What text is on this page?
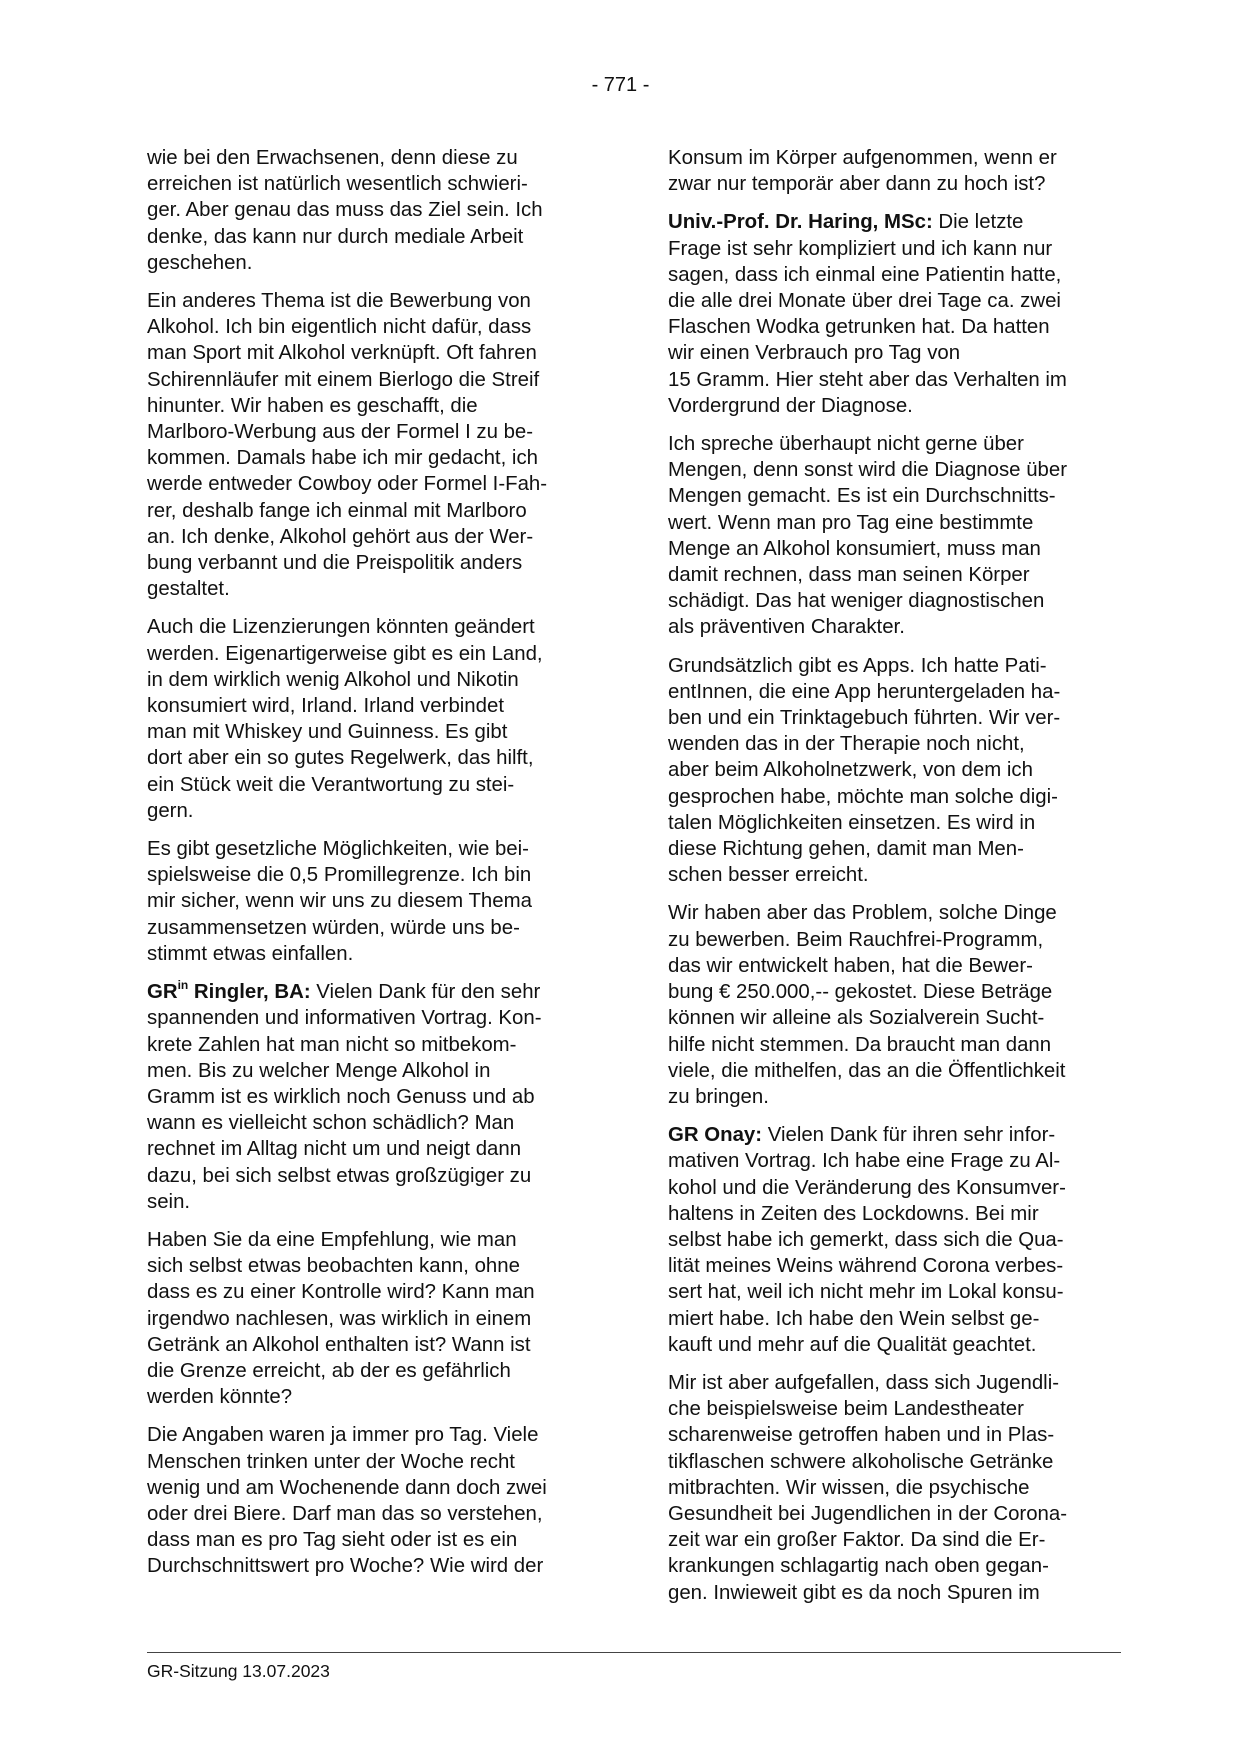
- 771 -

wie bei den Erwachsenen, denn diese zu
erreichen ist natürlich wesentlich schwieri-
ger. Aber genau das muss das Ziel sein. Ich
denke, das kann nur durch mediale Arbeit
geschehen.

Ein anderes Thema ist die Bewerbung von
Alkohol. Ich bin eigentlich nicht dafür, dass
man Sport mit Alkohol verknüpft. Oft fahren
Schirennläufer mit einem Bierlogo die Streif
hinunter. Wir haben es geschafft, die
Marlboro-Werbung aus der Formel I zu be-
kommen. Damals habe ich mir gedacht, ich
werde entweder Cowboy oder Formel I-Fah-
rer, deshalb fange ich einmal mit Marlboro
an. Ich denke, Alkohol gehört aus der Wer-
bung verbannt und die Preispolitik anders
gestaltet.

Auch die Lizenzierungen könnten geändert
werden. Eigenartigerweise gibt es ein Land,
in dem wirklich wenig Alkohol und Nikotin
konsumiert wird, Irland. Irland verbindet
man mit Whiskey und Guinness. Es gibt
dort aber ein so gutes Regelwerk, das hilft,
ein Stück weit die Verantwortung zu stei-
gern.

Es gibt gesetzliche Möglichkeiten, wie bei-
spielsweise die 0,5 Promillegrenze. Ich bin
mir sicher, wenn wir uns zu diesem Thema
zusammensetzen würden, würde uns be-
stimmt etwas einfallen.

$GR^{in}$ Ringler, BA: Vielen Dank für den sehr
spannenden und informativen Vortrag. Kon-
krete Zahlen hat man nicht so mitbekom-
men. Bis zu welcher Menge Alkohol in
Gramm ist es wirklich noch Genuss und ab
wann es vielleicht schon schädlich? Man
rechnet im Alltag nicht um und neigt dann
dazu, bei sich selbst etwas großzügiger zu
sein.

Haben Sie da eine Empfehlung, wie man
sich selbst etwas beobachten kann, ohne
dass es zu einer Kontrolle wird? Kann man
irgendwo nachlesen, was wirklich in einem
Getränk an Alkohol enthalten ist? Wann ist
die Grenze erreicht, ab der es gefährlich
werden könnte?

Die Angaben waren ja immer pro Tag. Viele
Menschen trinken unter der Woche recht
wenig und am Wochenende dann doch zwei
oder drei Biere. Darf man das so verstehen,
dass man es pro Tag sieht oder ist es ein
Durchschnittswert pro Woche? Wie wird der

Konsum im Körper aufgenommen, wenn er
zwar nur temporär aber dann zu hoch ist?

Univ.-Prof. Dr. Haring, MSc: Die letzte
Frage ist sehr kompliziert und ich kann nur
sagen, dass ich einmal eine Patientin hatte,
die alle drei Monate über drei Tage ca. zwei
Flaschen Wodka getrunken hat. Da hatten
wir einen Verbrauch pro Tag von
15 Gramm. Hier steht aber das Verhalten im
Vordergrund der Diagnose.

Ich spreche überhaupt nicht gerne über
Mengen, denn sonst wird die Diagnose über
Mengen gemacht. Es ist ein Durchschnitts-
wert. Wenn man pro Tag eine bestimmte
Menge an Alkohol konsumiert, muss man
damit rechnen, dass man seinen Körper
schädigt. Das hat weniger diagnostischen
als präventiven Charakter.

Grundsätzlich gibt es Apps. Ich hatte Pati-
entInnen, die eine App heruntergeladen ha-
ben und ein Trinktagebuch führten. Wir ver-
wenden das in der Therapie noch nicht,
aber beim Alkoholnetzwerk, von dem ich
gesprochen habe, möchte man solche digi-
talen Möglichkeiten einsetzen. Es wird in
diese Richtung gehen, damit man Men-
schen besser erreicht.

Wir haben aber das Problem, solche Dinge
zu bewerben. Beim Rauchfrei-Programm,
das wir entwickelt haben, hat die Bewer-
bung € 250.000,-- gekostet. Diese Beträge
können wir alleine als Sozialverein Sucht-
hilfe nicht stemmen. Da braucht man dann
viele, die mithelfen, das an die Öffentlichkeit
zu bringen.

GR Onay: Vielen Dank für ihren sehr infor-
mativen Vortrag. Ich habe eine Frage zu Al-
kohol und die Veränderung des Konsumver-
haltens in Zeiten des Lockdowns. Bei mir
selbst habe ich gemerkt, dass sich die Qua-
lität meines Weins während Corona verbes-
sert hat, weil ich nicht mehr im Lokal konsu-
miert habe. Ich habe den Wein selbst ge-
kauft und mehr auf die Qualität geachtet.

Mir ist aber aufgefallen, dass sich Jugendli-
che beispielsweise beim Landestheater
scharenweise getroffen haben und in Plas-
tikflaschen schwere alkoholische Getränke
mitbrachten. Wir wissen, die psychische
Gesundheit bei Jugendlichen in der Corona-
zeit war ein großer Faktor. Da sind die Er-
krankungen schlagartig nach oben gegan-
gen. Inwieweit gibt es da noch Spuren im

GR-Sitzung 13.07.2023
